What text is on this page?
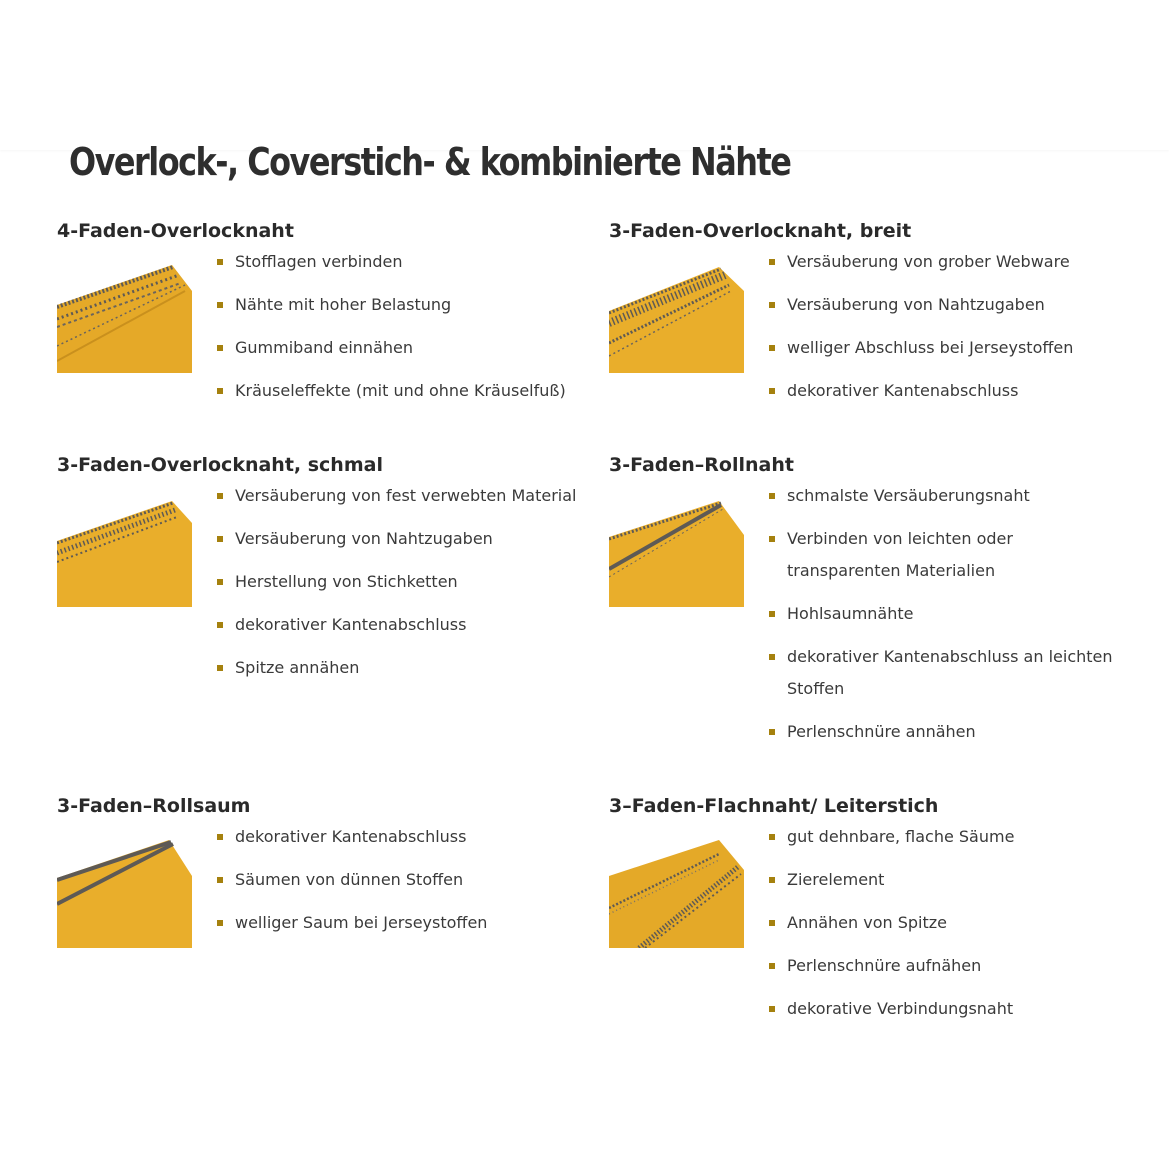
Overlock-, Coverstich- & kombinierte Nähte
4-Faden-Overlocknaht
Stofflagen verbinden
Nähte mit hoher Belastung
Gummiband einnähen
Kräuseleffekte (mit und ohne Kräuselfuß)
3-Faden-Overlocknaht, breit
Versäuberung von grober Webware
Versäuberung von Nahtzugaben
welliger Abschluss bei Jerseystoffen
dekorativer Kantenabschluss
3-Faden-Overlocknaht, schmal
Versäuberung von fest verwebten Material
Versäuberung von Nahtzugaben
Herstellung von Stichketten
dekorativer Kantenabschluss
Spitze annähen
3-Faden–Rollnaht
schmalste Versäuberungsnaht
Verbinden von leichten oder transparenten Materialien
Hohlsaumnähte
dekorativer Kantenabschluss an leichten Stoffen
Perlenschnüre annähen
3-Faden–Rollsaum
dekorativer Kantenabschluss
Säumen von dünnen Stoffen
welliger Saum bei Jerseystoffen
3–Faden-Flachnaht/ Leiterstich
gut dehnbare, flache Säume
Zierelement
Annähen von Spitze
Perlenschnüre aufnähen
dekorative Verbindungsnaht
